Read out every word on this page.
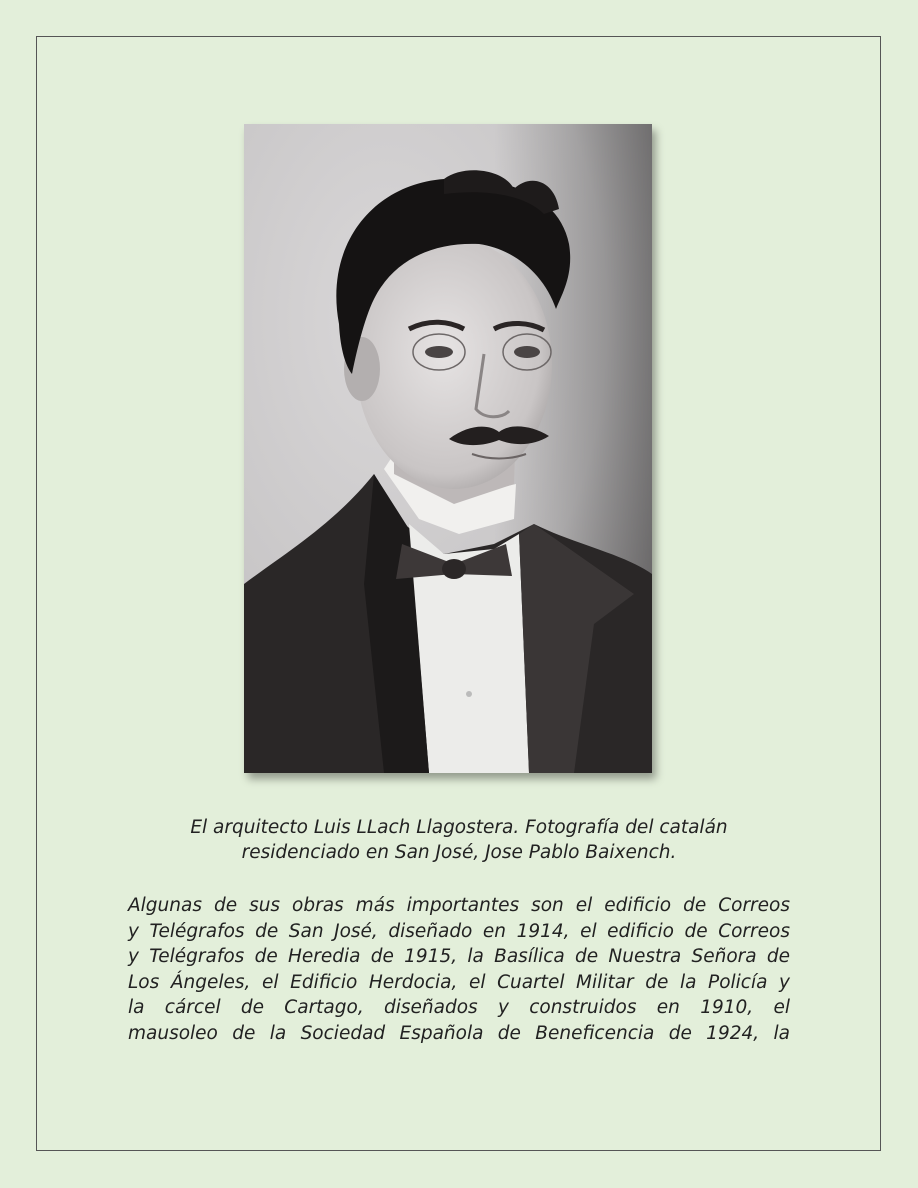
El arquitecto Luis LLach Llagostera. Fotografía del catalán
residenciado en San José, Jose Pablo Baixench.

Algunas de sus obras más importantes son el edificio de Correos
y Telégrafos de San José, diseñado en 1914, el edificio de Correos
y Telégrafos de Heredia de 1915, la Basílica de Nuestra Señora de
Los Ángeles, el Edificio Herdocia, el Cuartel Militar de la Policía y
la cárcel de Cartago, diseñados y construidos en 1910, el
mausoleo de la Sociedad Española de Beneficencia de 1924, la
